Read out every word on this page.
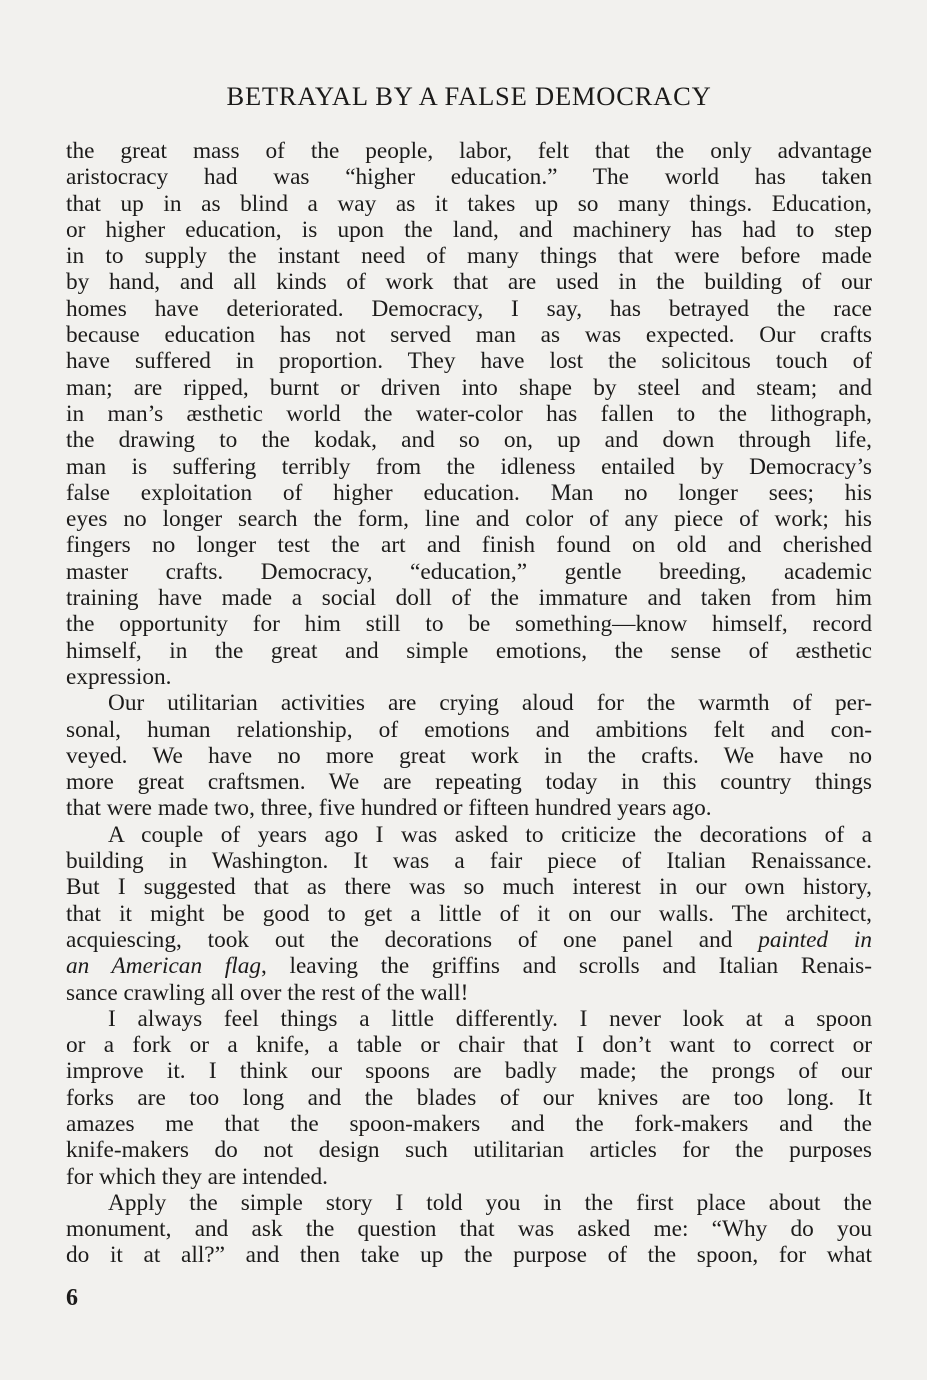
BETRAYAL BY A FALSE DEMOCRACY
the great mass of the people, labor, felt that the only advantage
aristocracy had was “higher education.” The world has taken
that up in as blind a way as it takes up so many things. Education,
or higher education, is upon the land, and machinery has had to step
in to supply the instant need of many things that were before made
by hand, and all kinds of work that are used in the building of our
homes have deteriorated. Democracy, I say, has betrayed the race
because education has not served man as was expected. Our crafts
have suffered in proportion. They have lost the solicitous touch of
man; are ripped, burnt or driven into shape by steel and steam; and
in man’s æsthetic world the water-color has fallen to the lithograph,
the drawing to the kodak, and so on, up and down through life,
man is suffering terribly from the idleness entailed by Democracy’s
false exploitation of higher education. Man no longer sees; his
eyes no longer search the form, line and color of any piece of work; his
fingers no longer test the art and finish found on old and cherished
master crafts. Democracy, “education,” gentle breeding, academic
training have made a social doll of the immature and taken from him
the opportunity for him still to be something—know himself, record
himself, in the great and simple emotions, the sense of æsthetic
expression.
Our utilitarian activities are crying aloud for the warmth of per-
sonal, human relationship, of emotions and ambitions felt and con-
veyed. We have no more great work in the crafts. We have no
more great craftsmen. We are repeating today in this country things
that were made two, three, five hundred or fifteen hundred years ago.
A couple of years ago I was asked to criticize the decorations of a
building in Washington. It was a fair piece of Italian Renaissance.
But I suggested that as there was so much interest in our own history,
that it might be good to get a little of it on our walls. The architect,
acquiescing, took out the decorations of one panel and painted in
an American flag, leaving the griffins and scrolls and Italian Renais-
sance crawling all over the rest of the wall!
I always feel things a little differently. I never look at a spoon
or a fork or a knife, a table or chair that I don’t want to correct or
improve it. I think our spoons are badly made; the prongs of our
forks are too long and the blades of our knives are too long. It
amazes me that the spoon-makers and the fork-makers and the
knife-makers do not design such utilitarian articles for the purposes
for which they are intended.
Apply the simple story I told you in the first place about the
monument, and ask the question that was asked me: “Why do you
do it at all?” and then take up the purpose of the spoon, for what
6
